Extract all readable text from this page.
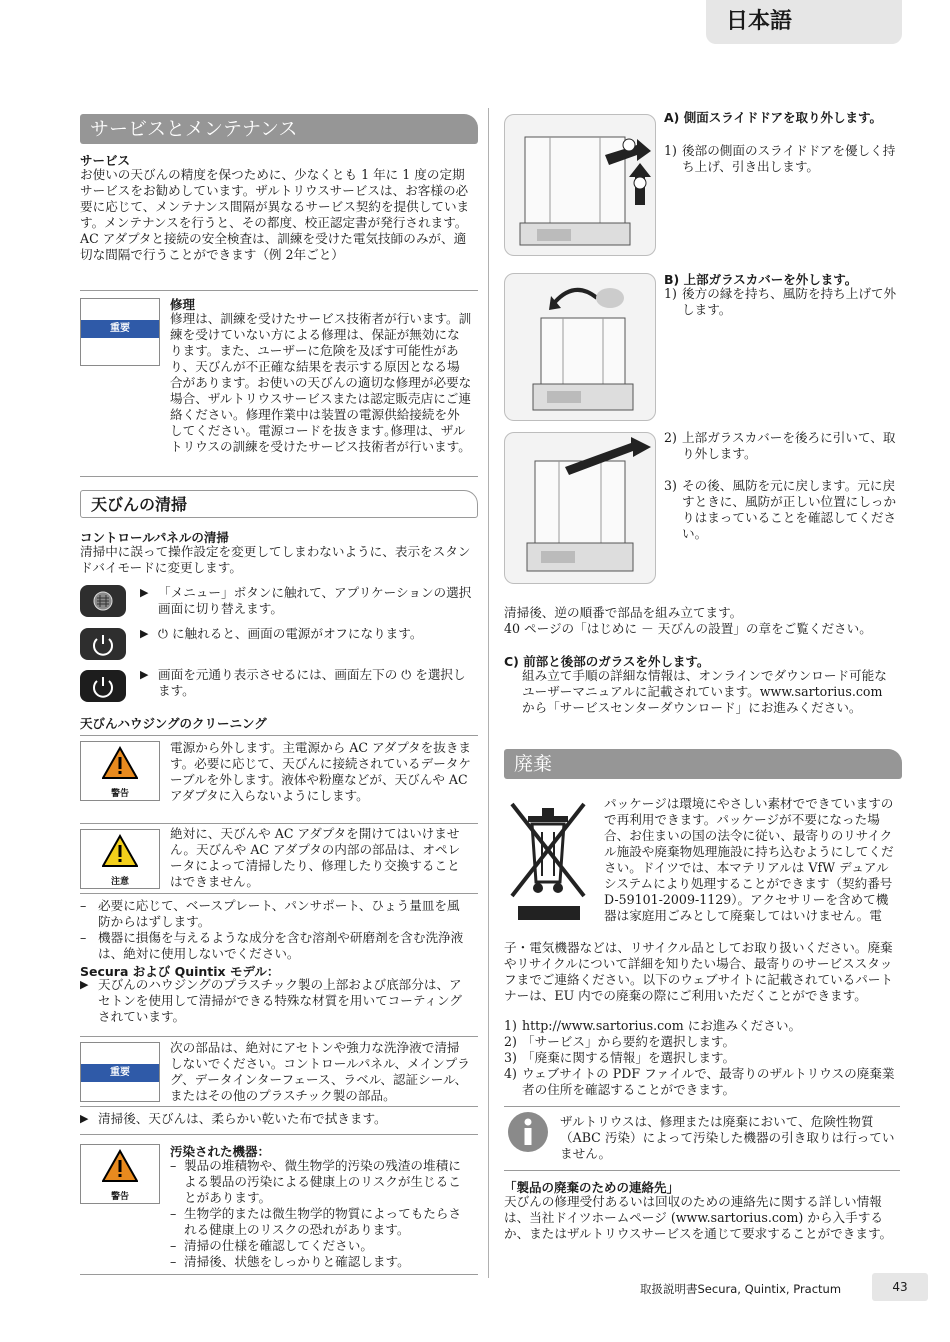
日本語
サービスとメンテナンス
サービス
お使いの天びんの精度を保つために、少なくとも 1 年に 1 度の定期サービスをお勧めしています。ザルトリウスサービスは、お客様の必要に応じて、メンテナンス間隔が異なるサービス契約を提供しています。メンテナンスを行うと、その都度、校正認定書が発行されます。AC アダプタと接続の安全検査は、訓練を受けた電気技師のみが、適切な間隔で行うことができます（例 2年ごと）
重要
修理
修理は、訓練を受けたサービス技術者が行います。訓練を受けていない方による修理は、保証が無効になります。また、ユーザーに危険を及ぼす可能性があり、天びんが不正確な結果を表示する原因となる場合があります。お使いの天びんの適切な修理が必要な場合、ザルトリウスサービスまたは認定販売店にご連絡ください。修理作業中は装置の電源供給接続を外してください。電源コードを抜きます｡修理は、ザルトリウスの訓練を受けたサービス技術者が行います。
天びんの清掃
コントロールパネルの清掃
清掃中に誤って操作設定を変更してしまわないように、表示をスタンドバイモードに変更します。
▶ 「メニュー」ボタンに触れて、アプリケーションの選択画面に切り替えます。
▶ ⏻ に触れると、画面の電源がオフになります。
▶ 画面を元通り表示させるには、画面左下の ⏻ を選択します。
天びんハウジングのクリーニング
警告
電源から外します。主電源から AC アダプタを抜きます。必要に応じて、天びんに接続されているデータケーブルを外します。液体や粉塵などが、天びんや AC アダプタに入らないようにします。
注意
絶対に、天びんや AC アダプタを開けてはいけません。天びんや AC アダプタの内部の部品は、オペレータによって清掃したり、修理したり交換することはできません。
– 必要に応じて、ベースプレート、パンサポート、ひょう量皿を風防からはずします。
– 機器に損傷を与えるような成分を含む溶剤や研磨剤を含む洗浄液は、絶対に使用しないでください。
Secura および Quintix モデル：
▶ 天びんのハウジングのプラスチック製の上部および底部分は、アセトンを使用して清掃ができる特殊な材質を用いてコーティングされています。
重要
次の部品は、絶対にアセトンや強力な洗浄液で清掃しないでください。コントロールパネル、メインプラグ、データインターフェース、ラベル、認証シール、またはその他のプラスチック製の部品。
▶ 清掃後、天びんは、柔らかい乾いた布で拭きます。
警告
汚染された機器：
– 製品の堆積物や、微生物学的汚染の残渣の堆積による製品の汚染による健康上のリスクが生じることがあります。
– 生物学的または微生物学的物質によってもたらされる健康上のリスクの恐れがあります。
– 清掃の仕様を確認してください。
– 清掃後、状態をしっかりと確認します。
A) 側面スライドドアを取り外します。
1) 後部の側面のスライドドアを優しく持ち上げ、引き出します。
B) 上部ガラスカバーを外します。
1) 後方の縁を持ち、風防を持ち上げて外します。
2) 上部ガラスカバーを後ろに引いて、取り外します。
3) その後、風防を元に戻します。元に戻すときに、風防が正しい位置にしっかりはまっていることを確認してください。
清掃後、逆の順番で部品を組み立てます。
40 ページの「はじめに － 天びんの設置」の章をご覧ください。
C) 前部と後部のガラスを外します。
組み立て手順の詳細な情報は、オンラインでダウンロード可能なユーザーマニュアルに記載されています。www.sartorius.com から「サービスセンターダウンロード」にお進みください。
廃棄
パッケージは環境にやさしい素材でできていますので再利用できます。パッケージが不要になった場合、お住まいの国の法令に従い、最寄りのリサイクル施設や廃棄物処理施設に持ち込むようにしてください。ドイツでは、本マテリアルは VfW デュアルシステムにより処理することができます（契約番号 D-59101-2009-1129）。アクセサリーを含めて機器は家庭用ごみとして廃棄してはいけません。電
子・電気機器などは、リサイクル品としてお取り扱いください。廃棄やリサイクルについて詳細を知りたい場合、最寄りのサービススタッフまでご連絡ください。以下のウェブサイトに記載されているパートナーは、EU 内での廃棄の際にご利用いただくことができます。
1) http://www.sartorius.com にお進みください。
2) 「サービス」から要約を選択します。
3) 「廃棄に関する情報」を選択します。
4) ウェブサイトの PDF ファイルで、最寄りのザルトリウスの廃棄業者の住所を確認することができます。
ザルトリウスは、修理または廃棄において、危険性物質（ABC 汚染）によって汚染した機器の引き取りは行っていません。
「製品の廃棄のための連絡先」
天びんの修理受付あるいは回収のための連絡先に関する詳しい情報は、当社ドイツホームページ (www.sartorius.com) から入手するか、またはザルトリウスサービスを通じて要求することができます。
取扱説明書Secura, Quintix, Practum	43
